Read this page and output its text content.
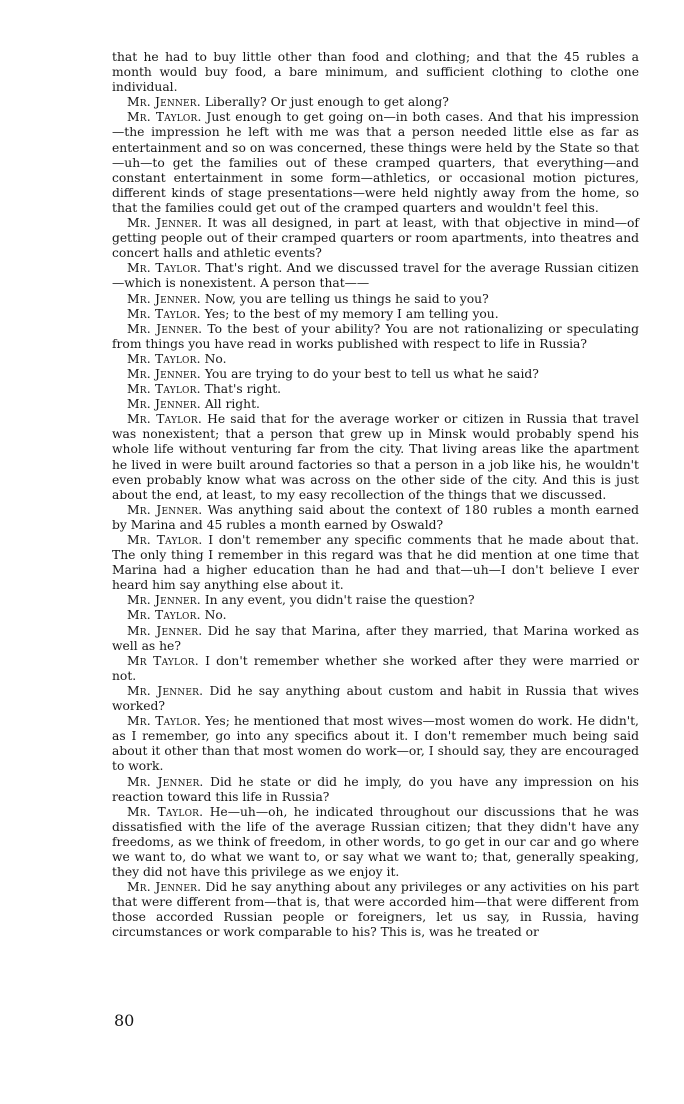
that he had to buy little other than food and clothing; and that the 45 rubles a month would buy food, a bare minimum, and sufficient clothing to clothe one individual.

Mr. Jenner. Liberally? Or just enough to get along?

Mr. Taylor. Just enough to get going on—in both cases. And that his impression—the impression he left with me was that a person needed little else as far as entertainment and so on was concerned, these things were held by the State so that—uh—to get the families out of these cramped quarters, that everything—and constant entertainment in some form—athletics, or occasional motion pictures, different kinds of stage presentations—were held nightly away from the home, so that the families could get out of the cramped quarters and wouldn't feel this.

Mr. Jenner. It was all designed, in part at least, with that objective in mind—of getting people out of their cramped quarters or room apartments, into theatres and concert halls and athletic events?

Mr. Taylor. That's right. And we discussed travel for the average Russian citizen—which is nonexistent. A person that——

Mr. Jenner. Now, you are telling us things he said to you?

Mr. Taylor. Yes; to the best of my memory I am telling you.

Mr. Jenner. To the best of your ability? You are not rationalizing or speculating from things you have read in works published with respect to life in Russia?

Mr. Taylor. No.

Mr. Jenner. You are trying to do your best to tell us what he said?

Mr. Taylor. That's right.

Mr. Jenner. All right.

Mr. Taylor. He said that for the average worker or citizen in Russia that travel was nonexistent; that a person that grew up in Minsk would probably spend his whole life without venturing far from the city. That living areas like the apartment he lived in were built around factories so that a person in a job like his, he wouldn't even probably know what was across on the other side of the city. And this is just about the end, at least, to my easy recollection of the things that we discussed.

Mr. Jenner. Was anything said about the context of 180 rubles a month earned by Marina and 45 rubles a month earned by Oswald?

Mr. Taylor. I don't remember any specific comments that he made about that. The only thing I remember in this regard was that he did mention at one time that Marina had a higher education than he had and that—uh—I don't believe I ever heard him say anything else about it.

Mr. Jenner. In any event, you didn't raise the question?

Mr. Taylor. No.

Mr. Jenner. Did he say that Marina, after they married, that Marina worked as well as he?

Mr Taylor. I don't remember whether she worked after they were married or not.

Mr. Jenner. Did he say anything about custom and habit in Russia that wives worked?

Mr. Taylor. Yes; he mentioned that most wives—most women do work. He didn't, as I remember, go into any specifics about it. I don't remember much being said about it other than that most women do work—or, I should say, they are encouraged to work.

Mr. Jenner. Did he state or did he imply, do you have any impression on his reaction toward this life in Russia?

Mr. Taylor. He—uh—oh, he indicated throughout our discussions that he was dissatisfied with the life of the average Russian citizen; that they didn't have any freedoms, as we think of freedom, in other words, to go get in our car and go where we want to, do what we want to, or say what we want to; that, generally speaking, they did not have this privilege as we enjoy it.

Mr. Jenner. Did he say anything about any privileges or any activities on his part that were different from—that is, that were accorded him—that were different from those accorded Russian people or foreigners, let us say, in Russia, having circumstances or work comparable to his? This is, was he treated or

80
